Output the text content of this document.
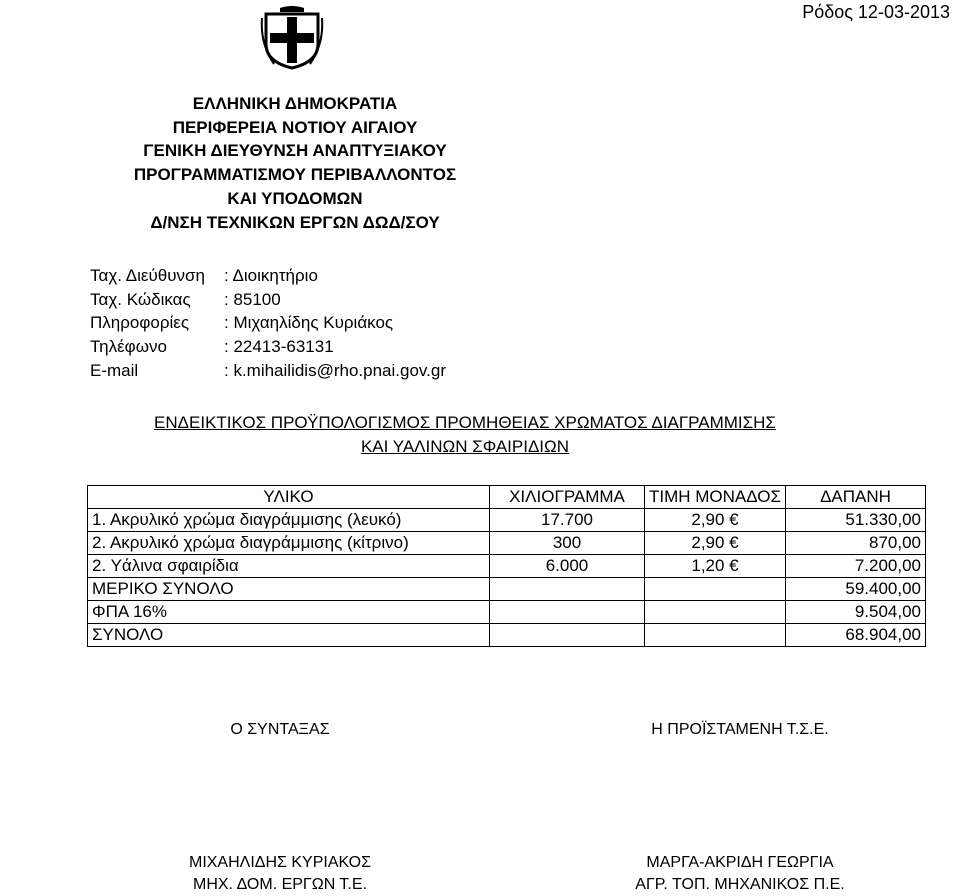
Ρόδος 12-03-2013
ΕΛΛΗΝΙΚΗ ΔΗΜΟΚΡΑΤΙΑ
ΠΕΡΙΦΕΡΕΙΑ ΝΟΤΙΟΥ ΑΙΓΑΙΟΥ
ΓΕΝΙΚΗ ΔΙΕΥΘΥΝΣΗ ΑΝΑΠΤΥΞΙΑΚΟΥ
ΠΡΟΓΡΑΜΜΑΤΙΣΜΟΥ ΠΕΡΙΒΑΛΛΟΝΤΟΣ
ΚΑΙ ΥΠΟΔΟΜΩΝ
Δ/ΝΣΗ ΤΕΧΝΙΚΩΝ ΕΡΓΩΝ ΔΩΔ/ΣΟΥ
Ταχ. Διεύθυνση : Διοικητήριο
Ταχ. Κώδικας : 85100
Πληροφορίες : Μιχαηλίδης Κυριάκος
Τηλέφωνο	: 22413-63131
E-mail	: k.mihailidis@rho.pnai.gov.gr
ΕΝΔΕΙΚΤΙΚΟΣ ΠΡΟΫΠΟΛΟΓΙΣΜΟΣ ΠΡΟΜΗΘΕΙΑΣ ΧΡΩΜΑΤΟΣ ΔΙΑΓΡΑΜΜΙΣΗΣ
ΚΑΙ ΥΑΛΙΝΩΝ ΣΦΑΙΡΙΔΙΩΝ
ΥΛΙΚΟ	ΧΙΛΙΟΓΡΑΜΜΑ	ΤΙΜΗ ΜΟΝΑΔΟΣ	ΔΑΠΑΝΗ
1. Ακρυλικό χρώμα διαγράμμισης (λευκό)	17.700	2,90 €	51.330,00
2. Ακρυλικό χρώμα διαγράμμισης (κίτρινο)	300	2,90 €	870,00
2. Υάλινα σφαιρίδια	6.000	1,20 €	7.200,00
ΜΕΡΙΚΟ ΣΥΝΟΛΟ			59.400,00
ΦΠΑ 16%			9.504,00
ΣΥΝΟΛΟ			68.904,00
Ο ΣΥΝΤΑΞΑΣ	Η ΠΡΟΪΣΤΑΜΕΝΗ Τ.Σ.Ε.
ΜΙΧΑΗΛΙΔΗΣ ΚΥΡΙΑΚΟΣ
ΜΗΧ. ΔΟΜ. ΕΡΓΩΝ Τ.Ε.
ΜΑΡΓΑ-ΑΚΡΙΔΗ ΓΕΩΡΓΙΑ
ΑΓΡ. ΤΟΠ. ΜΗΧΑΝΙΚΟΣ Π.Ε.
